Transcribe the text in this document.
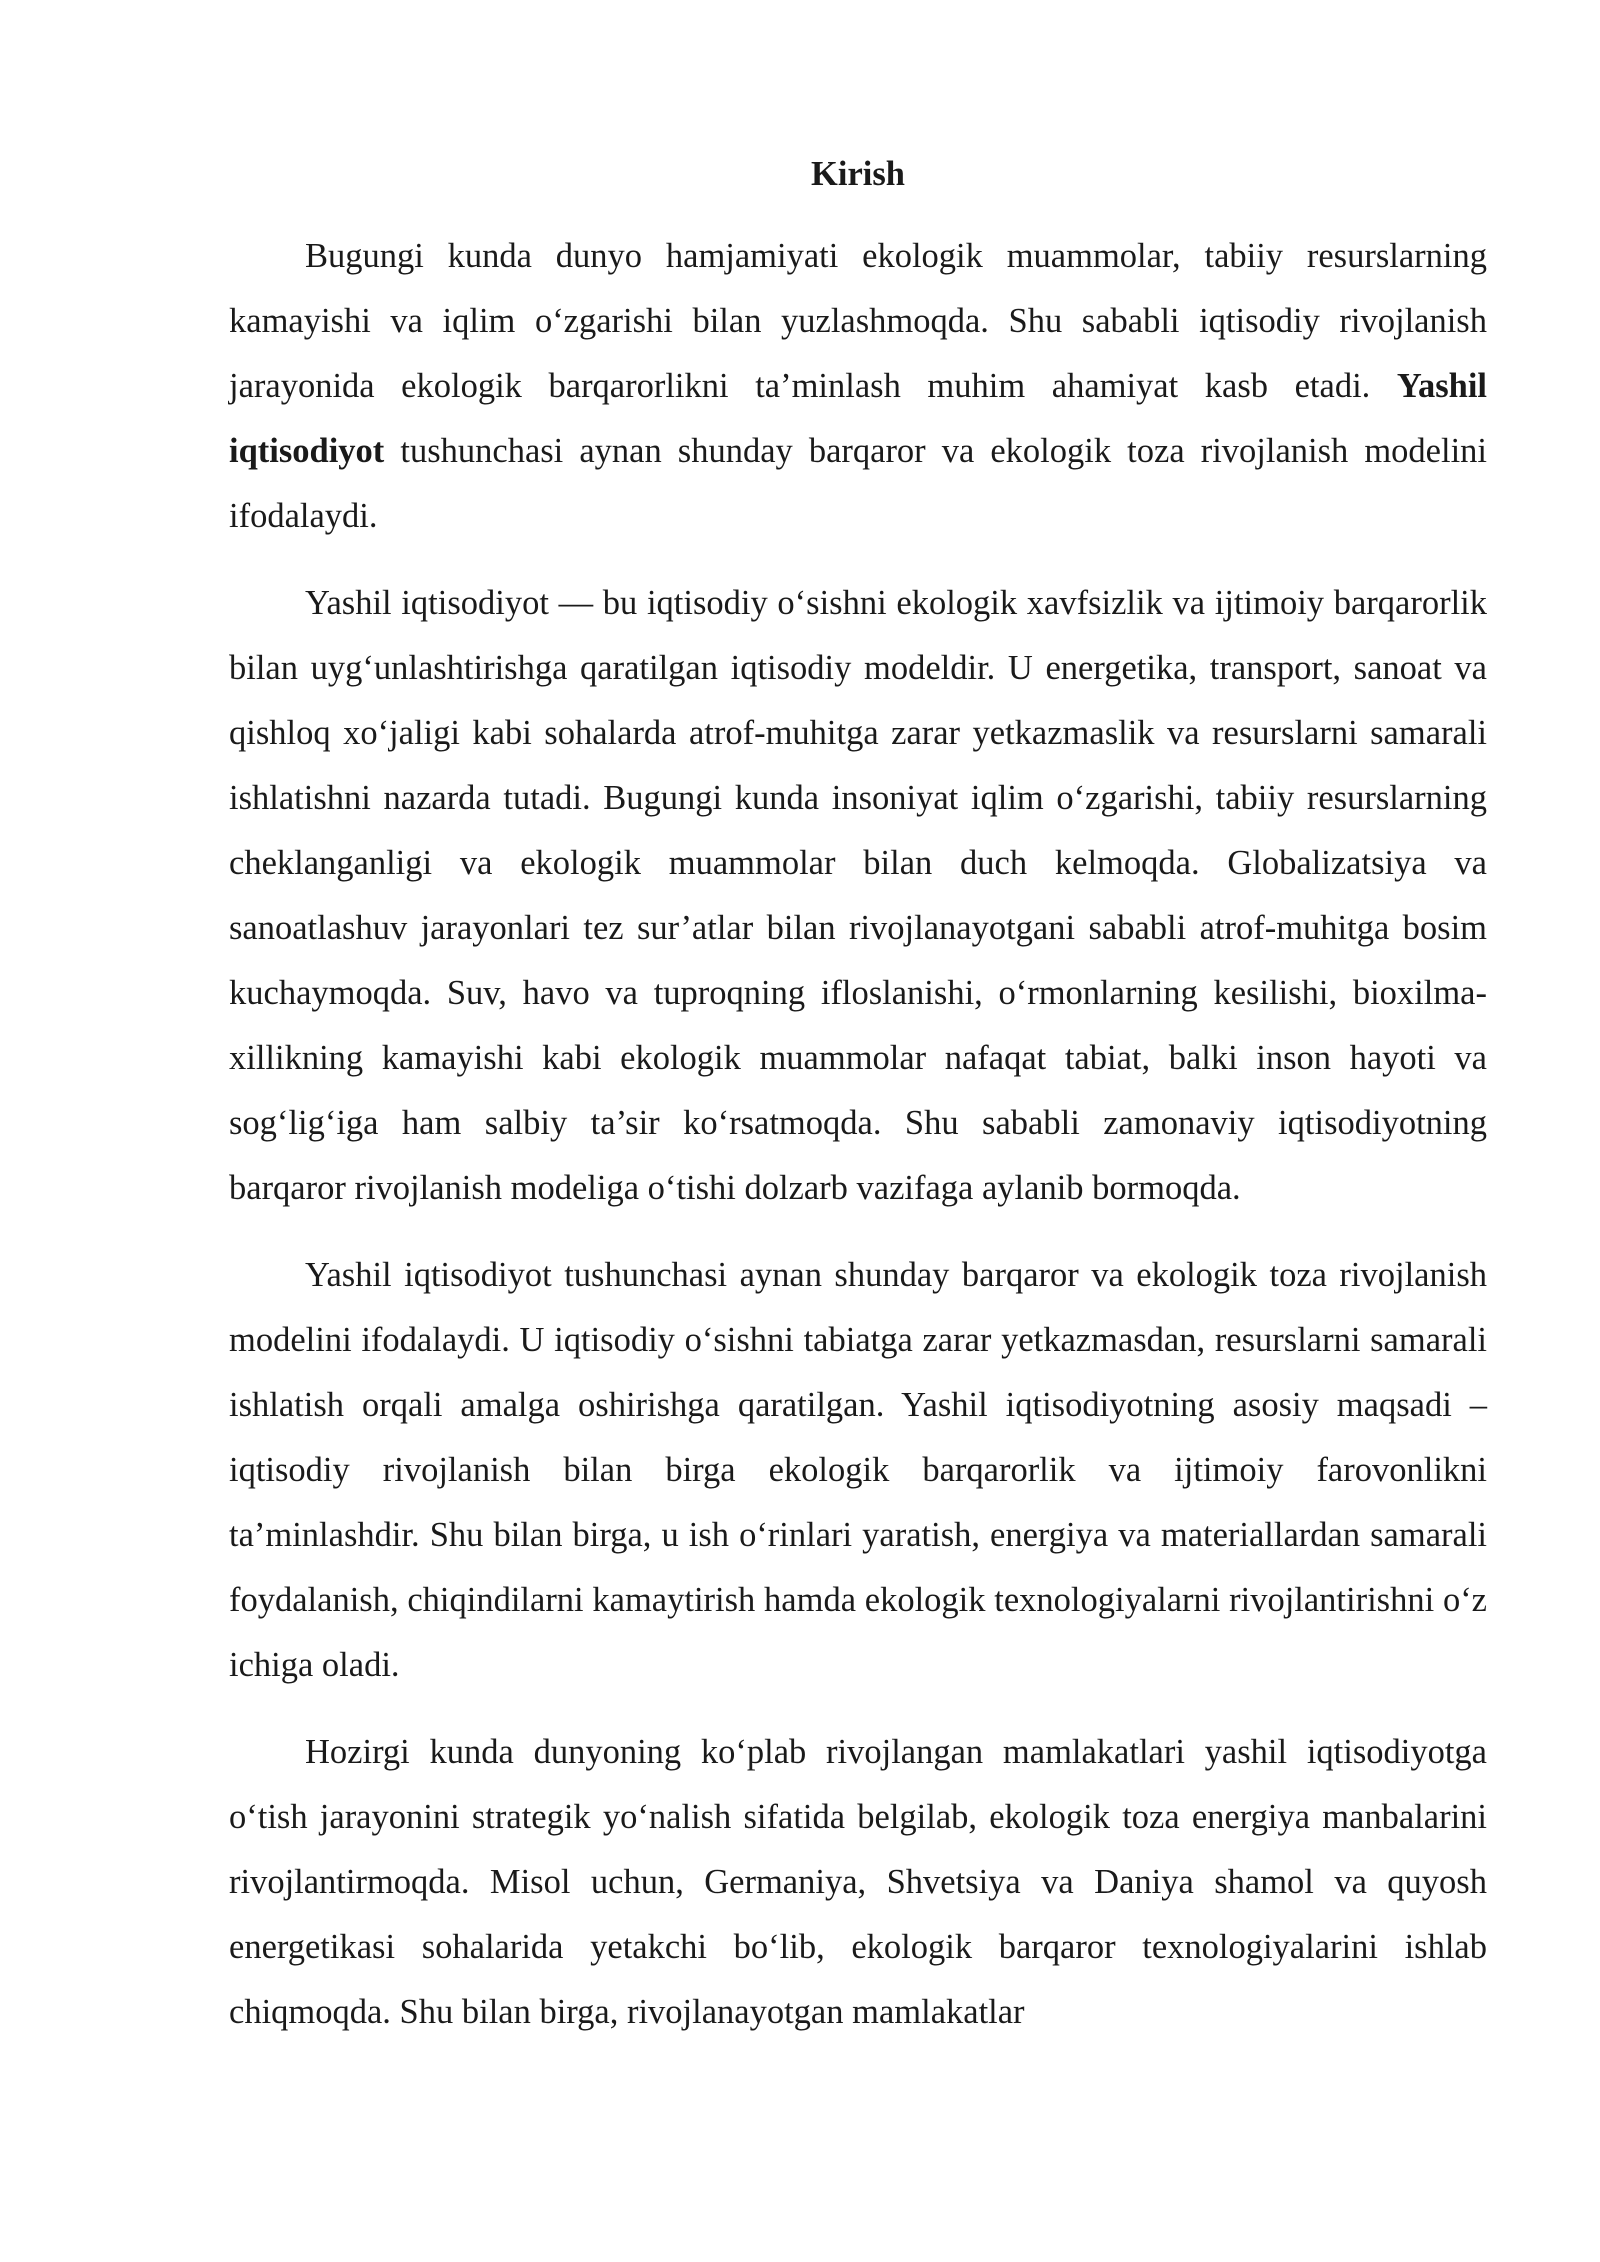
Kirish

Bugungi kunda dunyo hamjamiyati ekologik muammolar, tabiiy resurslarning kamayishi va iqlim o‘zgarishi bilan yuzlashmoqda. Shu sababli iqtisodiy rivojlanish jarayonida ekologik barqarorlikni ta’minlash muhim ahamiyat kasb etadi. Yashil iqtisodiyot tushunchasi aynan shunday barqaror va ekologik toza rivojlanish modelini ifodalaydi.

Yashil iqtisodiyot — bu iqtisodiy o‘sishni ekologik xavfsizlik va ijtimoiy barqarorlik bilan uyg‘unlashtirishga qaratilgan iqtisodiy modeldir. U energetika, transport, sanoat va qishloq xo‘jaligi kabi sohalarda atrof-muhitga zarar yetkazmaslik va resurslarni samarali ishlatishni nazarda tutadi. Bugungi kunda insoniyat iqlim o‘zgarishi, tabiiy resurslarning cheklanganligi va ekologik muammolar bilan duch kelmoqda. Globalizatsiya va sanoatlashuv jarayonlari tez sur’atlar bilan rivojlanayotgani sababli atrof-muhitga bosim kuchaymoqda. Suv, havo va tuproqning ifloslanishi, o‘rmonlarning kesilishi, bioxilma-xillikning kamayishi kabi ekologik muammolar nafaqat tabiat, balki inson hayoti va sog‘lig‘iga ham salbiy ta’sir ko‘rsatmoqda. Shu sababli zamonaviy iqtisodiyotning barqaror rivojlanish modeliga o‘tishi dolzarb vazifaga aylanib bormoqda.

Yashil iqtisodiyot tushunchasi aynan shunday barqaror va ekologik toza rivojlanish modelini ifodalaydi. U iqtisodiy o‘sishni tabiatga zarar yetkazmasdan, resurslarni samarali ishlatish orqali amalga oshirishga qaratilgan. Yashil iqtisodiyotning asosiy maqsadi – iqtisodiy rivojlanish bilan birga ekologik barqarorlik va ijtimoiy farovonlikni ta’minlashdir. Shu bilan birga, u ish o‘rinlari yaratish, energiya va materiallardan samarali foydalanish, chiqindilarni kamaytirish hamda ekologik texnologiyalarni rivojlantirishni o‘z ichiga oladi.

Hozirgi kunda dunyoning ko‘plab rivojlangan mamlakatlari yashil iqtisodiyotga o‘tish jarayonini strategik yo‘nalish sifatida belgilab, ekologik toza energiya manbalarini rivojlantirmoqda. Misol uchun, Germaniya, Shvetsiya va Daniya shamol va quyosh energetikasi sohalarida yetakchi bo‘lib, ekologik barqaror texnologiyalarini ishlab chiqmoqda. Shu bilan birga, rivojlanayotgan mamlakatlar
